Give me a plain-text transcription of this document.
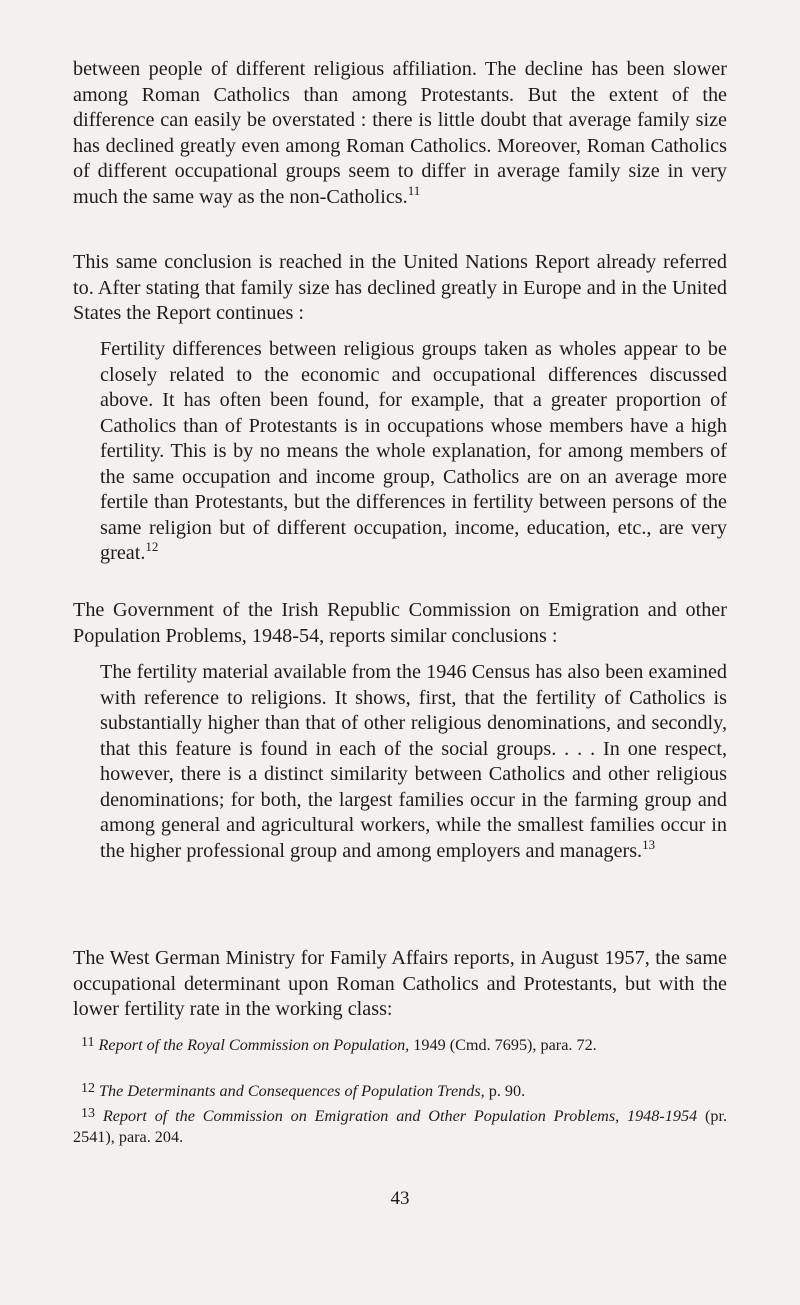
between people of different religious affiliation. The decline has been slower among Roman Catholics than among Protestants. But the extent of the difference can easily be overstated : there is little doubt that average family size has declined greatly even among Roman Catholics. Moreover, Roman Catholics of different occupational groups seem to differ in average family size in very much the same way as the non-Catholics.$^{11}$

This same conclusion is reached in the United Nations Report already referred to. After stating that family size has declined greatly in Europe and in the United States the Report continues :

Fertility differences between religious groups taken as wholes appear to be closely related to the economic and occupational differences discussed above. It has often been found, for example, that a greater proportion of Catholics than of Protestants is in occupations whose members have a high fertility. This is by no means the whole explanation, for among members of the same occupation and income group, Catholics are on an average more fertile than Protestants, but the differences in fertility between persons of the same religion but of different occupation, income, education, etc., are very great.$^{12}$

The Government of the Irish Republic Commission on Emigration and other Population Problems, 1948-54, reports similar conclusions :

The fertility material available from the 1946 Census has also been examined with reference to religions. It shows, first, that the fertility of Catholics is substantially higher than that of other religious denominations, and secondly, that this feature is found in each of the social groups. . . . In one respect, however, there is a distinct similarity between Catholics and other religious denominations; for both, the largest families occur in the farming group and among general and agricultural workers, while the smallest families occur in the higher professional group and among employers and managers.$^{13}$

The West German Ministry for Family Affairs reports, in August 1957, the same occupational determinant upon Roman Catholics and Protestants, but with the lower fertility rate in the working class:

11 Report of the Royal Commission on Population, 1949 (Cmd. 7695), para. 72.

12 The Determinants and Consequences of Population Trends, p. 90.

13 Report of the Commission on Emigration and Other Population Problems, 1948-1954 (pr. 2541), para. 204.

43
